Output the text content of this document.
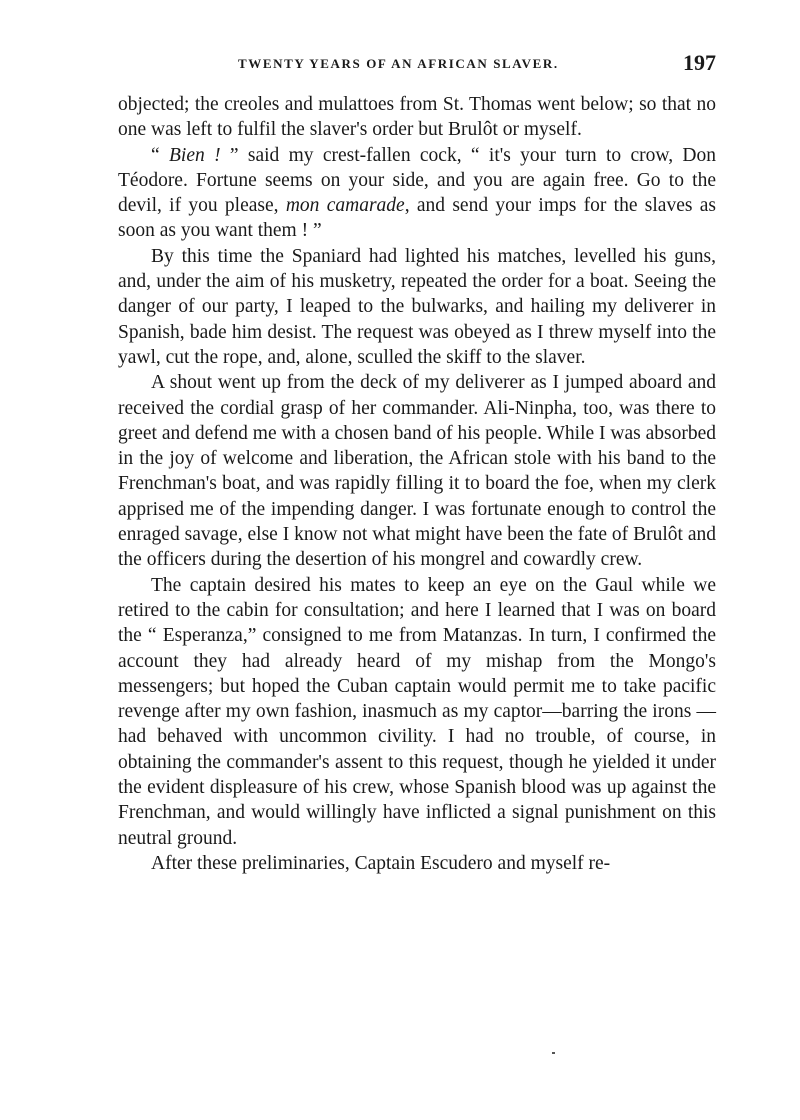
TWENTY YEARS OF AN AFRICAN SLAVER.	197

objected; the creoles and mulattoes from St. Thomas went below; so that no one was left to fulfil the slaver's order but Brulôt or myself.

“ Bien ! ” said my crest-fallen cock, “ it's your turn to crow, Don Téodore. Fortune seems on your side, and you are again free. Go to the devil, if you please, mon camarade, and send your imps for the slaves as soon as you want them ! ”

By this time the Spaniard had lighted his matches, levelled his guns, and, under the aim of his musketry, repeated the order for a boat. Seeing the danger of our party, I leaped to the bulwarks, and hailing my deliverer in Spanish, bade him desist. The request was obeyed as I threw myself into the yawl, cut the rope, and, alone, sculled the skiff to the slaver.

A shout went up from the deck of my deliverer as I jumped aboard and received the cordial grasp of her commander. Ali-Ninpha, too, was there to greet and defend me with a chosen band of his people. While I was absorbed in the joy of welcome and liberation, the African stole with his band to the Frenchman's boat, and was rapidly filling it to board the foe, when my clerk apprised me of the impending danger. I was fortunate enough to control the enraged savage, else I know not what might have been the fate of Brulôt and the officers during the desertion of his mongrel and cowardly crew.

The captain desired his mates to keep an eye on the Gaul while we retired to the cabin for consultation; and here I learned that I was on board the “ Esperanza,” consigned to me from Matanzas. In turn, I confirmed the account they had already heard of my mishap from the Mongo's messengers; but hoped the Cuban captain would permit me to take pacific revenge after my own fashion, inasmuch as my captor—barring the irons —had behaved with uncommon civility. I had no trouble, of course, in obtaining the commander's assent to this request, though he yielded it under the evident displeasure of his crew, whose Spanish blood was up against the Frenchman, and would willingly have inflicted a signal punishment on this neutral ground.

After these preliminaries, Captain Escudero and myself re-
